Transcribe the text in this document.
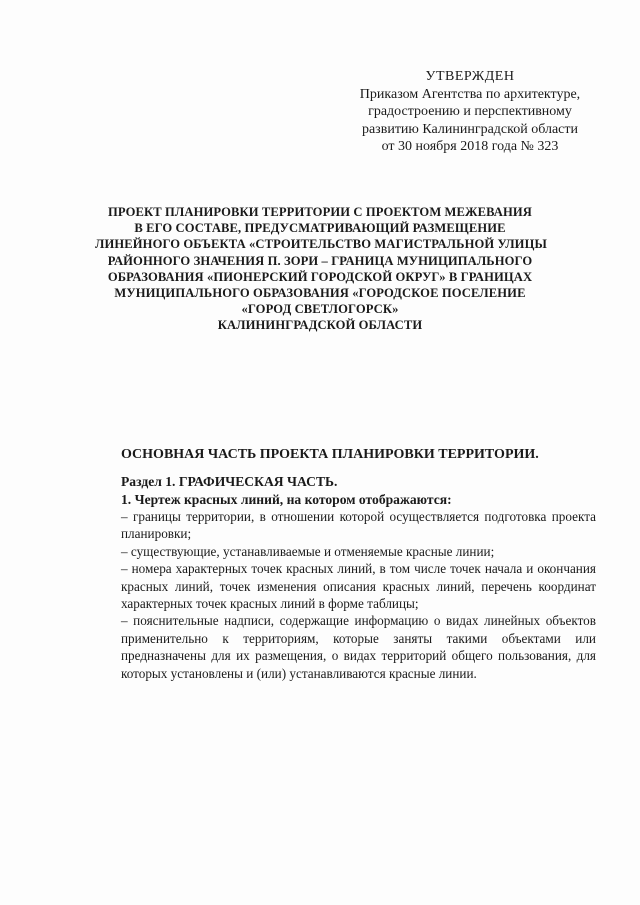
УТВЕРЖДЕН
Приказом Агентства по архитектуре,
градостроению и перспективному
развитию Калининградской области
от 30 ноября 2018 года № 323
ПРОЕКТ ПЛАНИРОВКИ ТЕРРИТОРИИ С ПРОЕКТОМ МЕЖЕВАНИЯ
В ЕГО СОСТАВЕ, ПРЕДУСМАТРИВАЮЩИЙ РАЗМЕЩЕНИЕ
ЛИНЕЙНОГО ОБЪЕКТА «СТРОИТЕЛЬСТВО МАГИСТРАЛЬНОЙ УЛИЦЫ
РАЙОННОГО ЗНАЧЕНИЯ П. ЗОРИ – ГРАНИЦА МУНИЦИПАЛЬНОГО
ОБРАЗОВАНИЯ «ПИОНЕРСКИЙ ГОРОДСКОЙ ОКРУГ» В ГРАНИЦАХ
МУНИЦИПАЛЬНОГО ОБРАЗОВАНИЯ «ГОРОДСКОЕ ПОСЕЛЕНИЕ
«ГОРОД СВЕТЛОГОРСК»
КАЛИНИНГРАДСКОЙ ОБЛАСТИ
ОСНОВНАЯ ЧАСТЬ ПРОЕКТА ПЛАНИРОВКИ ТЕРРИТОРИИ.
Раздел 1. ГРАФИЧЕСКАЯ ЧАСТЬ.
1. Чертеж красных линий, на котором отображаются:

– границы территории, в отношении которой осуществляется подготовка проекта планировки;

– существующие, устанавливаемые и отменяемые красные линии;

– номера характерных точек красных линий, в том числе точек начала и окончания красных линий, точек изменения описания красных линий, перечень координат характерных точек красных линий в форме таблицы;

– пояснительные надписи, содержащие информацию о видах линейных объектов применительно к территориям, которые заняты такими объектами или предназначены для их размещения, о видах территорий общего пользования, для которых установлены и (или) устанавливаются красные линии.
